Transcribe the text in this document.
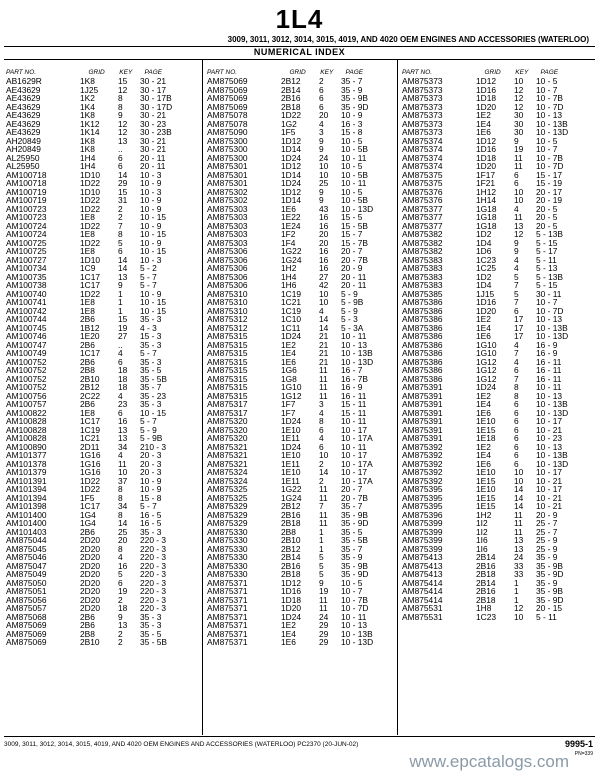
1L4
3009, 3011, 3012, 3014, 3015, 4019, AND 4020 OEM ENGINES AND ACCESSORIES (WATERLOO)
NUMERICAL INDEX
PART NO.	GRID	KEY	PAGE
AB1629R	1K8	15	30 - 21
AE43629	1J25	12	30 - 17
AE43629	1K2	8	30 - 17B
AE43629	1K4	8	30 - 17D
AE43629	1K8	9	30 - 21
AE43629	1K12	12	30 - 23
AE43629	1K14	12	30 - 23B
AH20849	1K8	13	30 - 21
AH20849	1K8	..	30 - 21
AL25950	1H4	6	20 - 11
AL25950	1H4	6	20 - 11
AM100718	1D10	14	10 - 3
AM100718	1D22	29	10 - 9
AM100719	1D10	15	10 - 3
AM100719	1D22	31	10 - 9
AM100723	1D22	2	10 - 9
AM100723	1E8	2	10 - 15
AM100724	1D22	7	10 - 9
AM100724	1E8	8	10 - 15
AM100725	1D22	5	10 - 9
AM100725	1E8	6	10 - 15
AM100727	1D10	14	10 - 3
AM100734	1C9	14	5 - 2
AM100735	1C17	13	5 - 7
AM100738	1C17	9	5 - 7
AM100740	1D22	1	10 - 9
AM100741	1E8	1	10 - 15
AM100742	1E8	1	10 - 15
AM100744	2B6	15	35 - 3
AM100745	1B12	19	4 - 3
AM100746	1E20	27	15 - 3
AM100747	2B6	..	35 - 3
AM100749	1C17	4	5 - 7
AM100752	2B6	6	35 - 3
AM100752	2B8	18	35 - 5
AM100752	2B10	18	35 - 5B
AM100752	2B12	18	35 - 7
AM100756	2C22	4	35 - 23
AM100757	2B6	23	35 - 3
AM100822	1E8	6	10 - 15
AM100828	1C17	16	5 - 7
AM100828	1C19	13	5 - 9
AM100828	1C21	13	5 - 9B
AM100890	2D11	34	210 - 3
AM101377	1G16	4	20 - 3
AM101378	1G16	11	20 - 3
AM101379	1G16	10	20 - 3
AM101391	1D22	37	10 - 9
AM101394	1D22	8	10 - 9
AM101394	1F5	8	15 - 8
AM101398	1C17	34	5 - 7
AM101400	1G4	8	16 - 5
AM101400	1G4	14	16 - 5
AM101403	2B6	25	35 - 3
AM875044	2D20	20	220 - 3
AM875045	2D20	8	220 - 3
AM875046	2D20	4	220 - 3
AM875047	2D20	16	220 - 3
AM875049	2D20	5	220 - 3
AM875050	2D20	6	220 - 3
AM875051	2D20	19	220 - 3
AM875056	2D20	2	220 - 3
AM875057	2D20	18	220 - 3
AM875068	2B6	9	35 - 3
AM875069	2B6	13	35 - 3
AM875069	2B8	2	35 - 5
AM875069	2B10	2	35 - 5B
PART NO.	GRID	KEY	PAGE
AM875069	2B12	2	35 - 7
AM875069	2B14	6	35 - 9
AM875069	2B16	6	35 - 9B
AM875069	2B18	6	35 - 9D
AM875078	1D22	20	10 - 9
AM875078	1G2	4	16 - 3
AM875090	1F5	3	15 - 8
AM875300	1D12	9	10 - 5
AM875300	1D14	9	10 - 5B
AM875300	1D24	24	10 - 11
AM875301	1D12	10	10 - 5
AM875301	1D14	10	10 - 5B
AM875301	1D24	25	10 - 11
AM875302	1D12	9	10 - 5
AM875302	1D14	9	10 - 5B
AM875303	1E6	43	10 - 13D
AM875303	1E22	16	15 - 5
AM875303	1E24	16	15 - 5B
AM875303	1F2	20	15 - 7
AM875303	1F4	20	15 - 7B
AM875306	1G22	16	20 - 7
AM875306	1G24	16	20 - 7B
AM875306	1H2	16	20 - 9
AM875306	1H4	27	20 - 11
AM875306	1H6	42	20 - 11
AM875310	1C19	10	5 - 9
AM875310	1C21	10	5 - 9B
AM875310	1C19	4	5 - 9
AM875312	1C10	14	5 - 3
AM875312	1C11	14	5 - 3A
AM875315	1D24	21	10 - 11
AM875315	1E2	21	10 - 13
AM875315	1E4	21	10 - 13B
AM875315	1E6	21	10 - 13D
AM875315	1G6	11	16 - 7
AM875315	1G8	11	16 - 7B
AM875315	1G10	11	16 - 9
AM875315	1G12	11	16 - 11
AM875317	1F7	3	15 - 11
AM875317	1F7	4	15 - 11
AM875320	1D24	8	10 - 11
AM875320	1E10	6	10 - 17
AM875320	1E11	4	10 - 17A
AM875321	1D24	6	10 - 11
AM875321	1E10	10	10 - 17
AM875321	1E11	2	10 - 17A
AM875324	1E10	14	10 - 17
AM875324	1E11	2	10 - 17A
AM875325	1G22	11	20 - 7
AM875325	1G24	11	20 - 7B
AM875329	2B12	7	35 - 7
AM875329	2B16	11	35 - 9B
AM875329	2B18	11	35 - 9D
AM875330	2B8	1	35 - 5
AM875330	2B10	1	35 - 5B
AM875330	2B12	1	35 - 7
AM875330	2B14	5	35 - 9
AM875330	2B16	5	35 - 9B
AM875330	2B18	5	35 - 9D
AM875371	1D12	9	10 - 5
AM875371	1D16	19	10 - 7
AM875371	1D18	11	10 - 7B
AM875371	1D20	11	10 - 7D
AM875371	1D24	24	10 - 11
AM875371	1E2	29	10 - 13
AM875371	1E4	29	10 - 13B
AM875371	1E6	29	10 - 13D
PART NO.	GRID	KEY	PAGE
AM875373	1D12	10	10 - 5
AM875373	1D16	12	10 - 7
AM875373	1D18	12	10 - 7B
AM875373	1D20	12	10 - 7D
AM875373	1E2	30	10 - 13
AM875373	1E4	30	10 - 13B
AM875373	1E6	30	10 - 13D
AM875374	1D12	9	10 - 5
AM875374	1D16	19	10 - 7
AM875374	1D18	11	10 - 7B
AM875374	1D20	11	10 - 7D
AM875375	1F17	6	15 - 17
AM875375	1F21	6	15 - 19
AM875376	1H12	10	20 - 17
AM875376	1H14	10	20 - 19
AM875377	1G18	4	20 - 5
AM875377	1G18	11	20 - 5
AM875377	1G18	13	20 - 5
AM875382	1D2	12	5 - 13B
AM875382	1D4	9	5 - 15
AM875382	1D6	9	5 - 17
AM875383	1C23	4	5 - 11
AM875383	1C25	4	5 - 13
AM875383	1D2	5	5 - 13B
AM875383	1D4	7	5 - 15
AM875385	1J15	5	30 - 11
AM875386	1D16	7	10 - 7
AM875386	1D20	6	10 - 7D
AM875386	1E2	17	10 - 13
AM875386	1E4	17	10 - 13B
AM875386	1E6	17	10 - 13D
AM875386	1G10	4	16 - 9
AM875386	1G10	7	16 - 9
AM875386	1G12	4	16 - 11
AM875386	1G12	6	16 - 11
AM875386	1G12	7	16 - 11
AM875391	1D24	8	10 - 11
AM875391	1E2	8	10 - 13
AM875391	1E4	6	10 - 13B
AM875391	1E6	6	10 - 13D
AM875391	1E10	6	10 - 17
AM875391	1E15	6	10 - 21
AM875391	1E18	6	10 - 23
AM875392	1E2	6	10 - 13
AM875392	1E4	6	10 - 13B
AM875392	1E6	6	10 - 13D
AM875392	1E10	10	10 - 17
AM875392	1E15	10	10 - 21
AM875395	1E10	14	10 - 17
AM875395	1E15	14	10 - 21
AM875395	1E15	14	10 - 21
AM875396	1H2	11	20 - 9
AM875399	1I2	11	25 - 7
AM875399	1I2	11	25 - 7
AM875399	1I6	13	25 - 9
AM875399	1I6	13	25 - 9
AM875413	2B14	24	35 - 9
AM875413	2B16	33	35 - 9B
AM875413	2B18	33	35 - 9D
AM875414	2B14	1	35 - 9
AM875414	2B16	1	35 - 9B
AM875414	2B18	1	35 - 9D
AM875531	1H8	12	20 - 15
AM875531	1C23	10	5 - 11
3009, 3011, 3012, 3014, 3015, 4019, AND 4020 OEM ENGINES AND ACCESSORIES (WATERLOO) PC2370 (20-JUN-02)	9995-1
PN=339
www.epcatalogs.com
